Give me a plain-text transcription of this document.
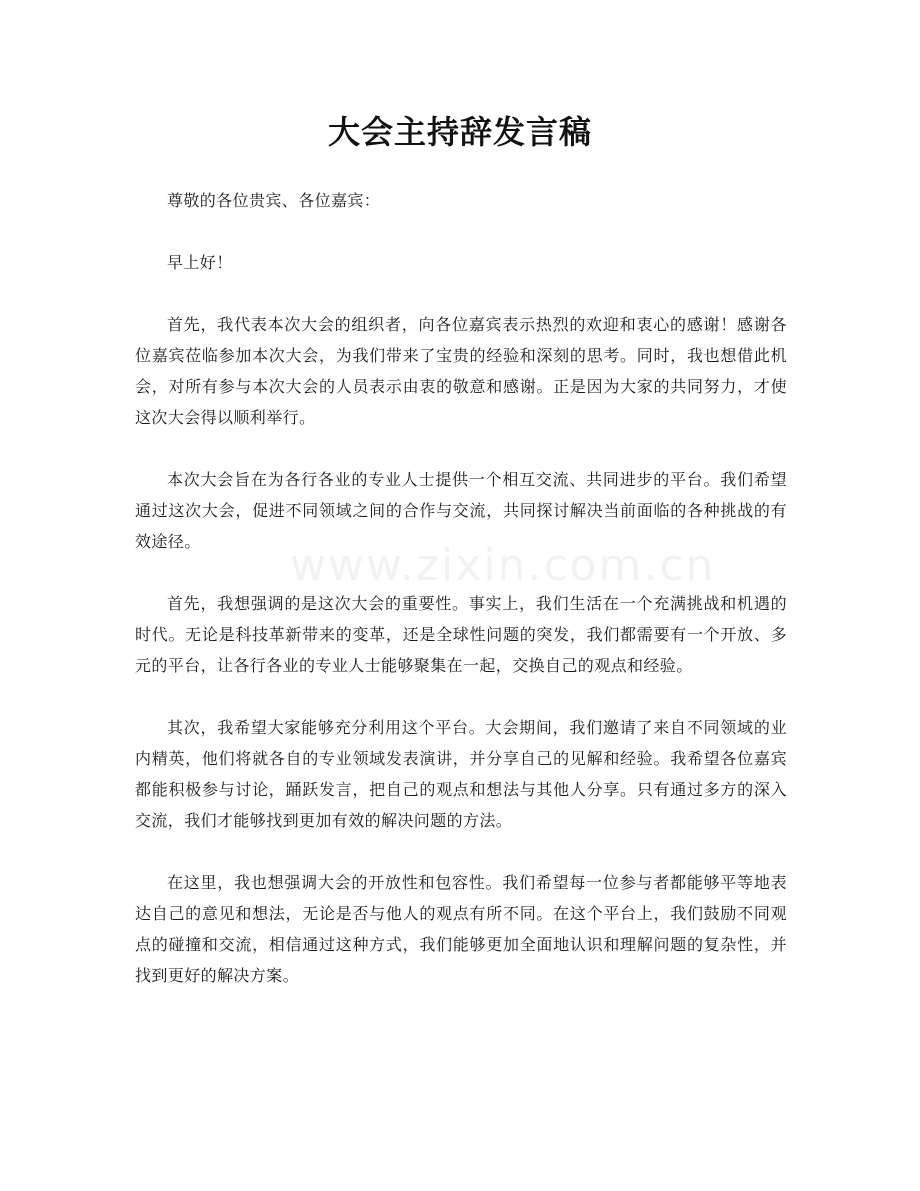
大会主持辞发言稿
www.zixin.com.cn

尊敬的各位贵宾、各位嘉宾：

早上好！

首先，我代表本次大会的组织者，向各位嘉宾表示热烈的欢迎和衷心的感谢！感谢各位嘉宾莅临参加本次大会，为我们带来了宝贵的经验和深刻的思考。同时，我也想借此机会，对所有参与本次大会的人员表示由衷的敬意和感谢。正是因为大家的共同努力，才使这次大会得以顺利举行。

本次大会旨在为各行各业的专业人士提供一个相互交流、共同进步的平台。我们希望通过这次大会，促进不同领域之间的合作与交流，共同探讨解决当前面临的各种挑战的有效途径。

首先，我想强调的是这次大会的重要性。事实上，我们生活在一个充满挑战和机遇的时代。无论是科技革新带来的变革，还是全球性问题的突发，我们都需要有一个开放、多元的平台，让各行各业的专业人士能够聚集在一起，交换自己的观点和经验。

其次，我希望大家能够充分利用这个平台。大会期间，我们邀请了来自不同领域的业内精英，他们将就各自的专业领域发表演讲，并分享自己的见解和经验。我希望各位嘉宾都能积极参与讨论，踊跃发言，把自己的观点和想法与其他人分享。只有通过多方的深入交流，我们才能够找到更加有效的解决问题的方法。

在这里，我也想强调大会的开放性和包容性。我们希望每一位参与者都能够平等地表达自己的意见和想法，无论是否与他人的观点有所不同。在这个平台上，我们鼓励不同观点的碰撞和交流，相信通过这种方式，我们能够更加全面地认识和理解问题的复杂性，并找到更好的解决方案。
